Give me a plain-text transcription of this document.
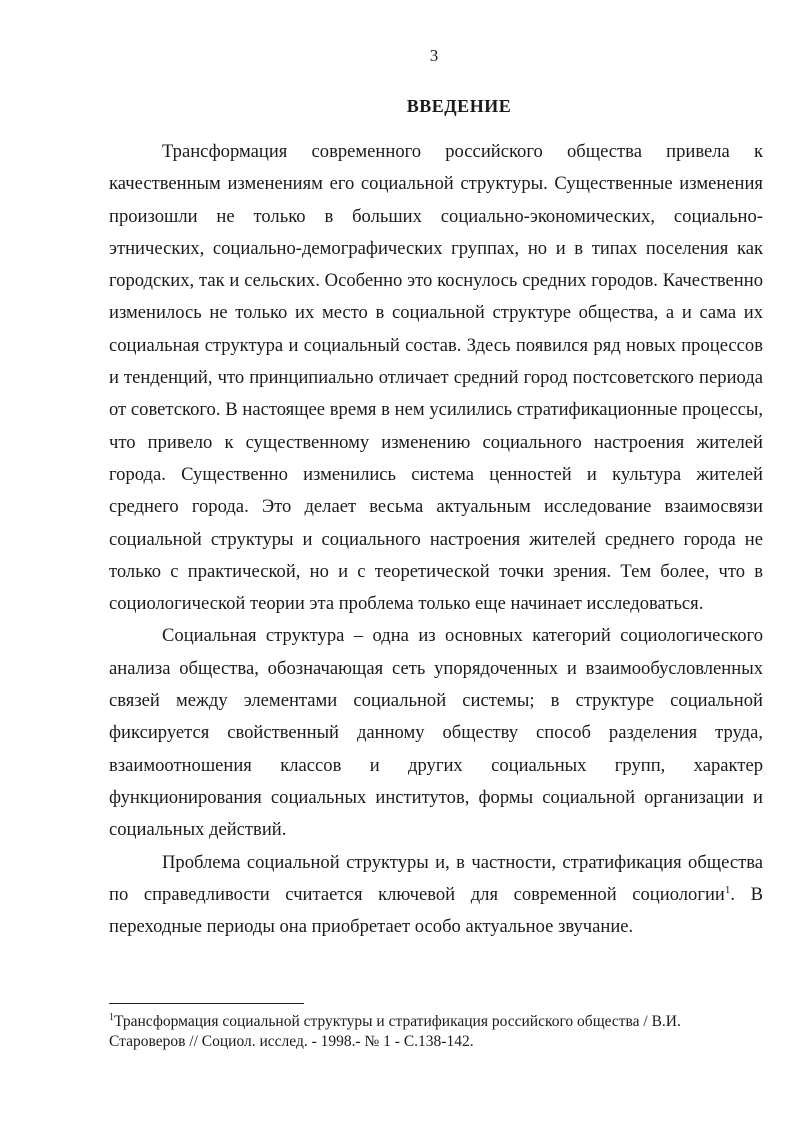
3
ВВЕДЕНИЕ

Трансформация современного российского общества привела к качественным изменениям его социальной структуры. Существенные изменения произошли не только в больших социально-экономических, социально-этнических, социально-демографических группах, но и в типах поселения как городских, так и сельских. Особенно это коснулось средних городов. Качественно изменилось не только их место в социальной структуре общества, а и сама их социальная структура и социальный состав. Здесь появился ряд новых процессов и тенденций, что принципиально отличает средний город постсоветского периода от советского. В настоящее время в нем усилились стратификационные процессы, что привело к существенному изменению социального настроения жителей города. Существенно изменились система ценностей и культура жителей среднего города. Это делает весьма актуальным исследование взаимосвязи социальной структуры и социального настроения жителей среднего города не только с практической, но и с теоретической точки зрения. Тем более, что в социологической теории эта проблема только еще начинает исследоваться.

Социальная структура – одна из основных категорий социологического анализа общества, обозначающая сеть упорядоченных и взаимообусловленных связей между элементами социальной системы; в структуре социальной фиксируется свойственный данному обществу способ разделения труда, взаимоотношения классов и других социальных групп, характер функционирования социальных институтов, формы социальной организации и социальных действий.

Проблема социальной структуры и, в частности, стратификация общества по справедливости считается ключевой для современной социологии$^1$. В переходные периоды она приобретает особо актуальное звучание.

$^1$Трансформация социальной структуры и стратификация российского общества / В.И. Староверов // Социол. исслед. - 1998.- № 1 - С.138-142.
